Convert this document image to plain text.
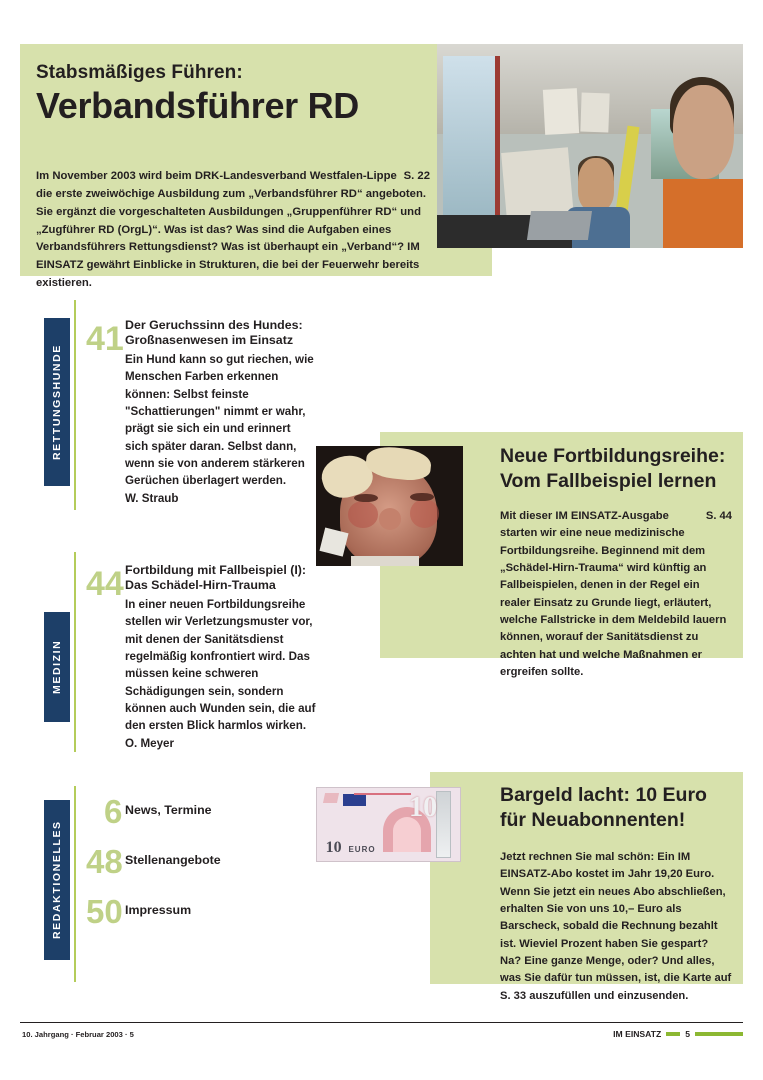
Stabsmäßiges Führen:
Verbandsführer RD
S. 22
Im November 2003 wird beim DRK-Landesverband Westfalen-Lippe die erste zweiwöchige Ausbildung zum „Verbandsführer RD“ angeboten. Sie ergänzt die vorgeschalteten Ausbildungen „Gruppenführer RD“ und „Zugführer RD (OrgL)“. Was ist das? Was sind die Aufgaben eines Verbandsführers Rettungsdienst? Was ist überhaupt ein „Verband“? IM EINSATZ gewährt Einblicke in Strukturen, die bei der Feuerwehr bereits existieren.
RETTUNGSHUNDE
MEDIZIN
REDAKTIONELLES
41 Der Geruchssinn des Hundes: Großnasenwesen im Einsatz
Ein Hund kann so gut riechen, wie Menschen Farben erkennen können: Selbst feinste "Schattierungen" nimmt er wahr, prägt sie sich ein und erinnert sich später daran. Selbst dann, wenn sie von anderem stärkeren Gerüchen überlagert werden.
W. Straub
44 Fortbildung mit Fallbeispiel (I): Das Schädel-Hirn-Trauma
In einer neuen Fortbildungsreihe stellen wir Verletzungsmuster vor, mit denen der Sanitätsdienst regelmäßig konfrontiert wird. Das müssen keine schweren Schädigungen sein, sondern können auch Wunden sein, die auf den ersten Blick harmlos wirken.
O. Meyer
6 News, Termine
48 Stellenangebote
50 Impressum
Neue Fortbildungsreihe:
Vom Fallbeispiel lernen
S. 44
Mit dieser IM EINSATZ-Ausgabe starten wir eine neue medizinische Fortbildungsreihe. Beginnend mit dem „Schädel-Hirn-Trauma“ wird künftig an Fallbeispielen, denen in der Regel ein realer Einsatz zu Grunde liegt, erläutert, welche Fallstricke in dem Meldebild lauern können, worauf der Sanitätsdienst zu achten hat und welche Maßnahmen er ergreifen sollte.
10
10 EURO
Bargeld lacht: 10 Euro
für Neuabonnenten!
Jetzt rechnen Sie mal schön: Ein IM EINSATZ-Abo kostet im Jahr 19,20 Euro. Wenn Sie jetzt ein neues Abo abschließen, erhalten Sie von uns 10,– Euro als Barscheck, sobald die Rechnung bezahlt ist. Wieviel Prozent haben Sie gespart? Na? Eine ganze Menge, oder? Und alles, was Sie dafür tun müssen, ist, die Karte auf S. 33 auszufüllen und einzusenden.
10. Jahrgang · Februar 2003 · 5	IM EINSATZ	5
